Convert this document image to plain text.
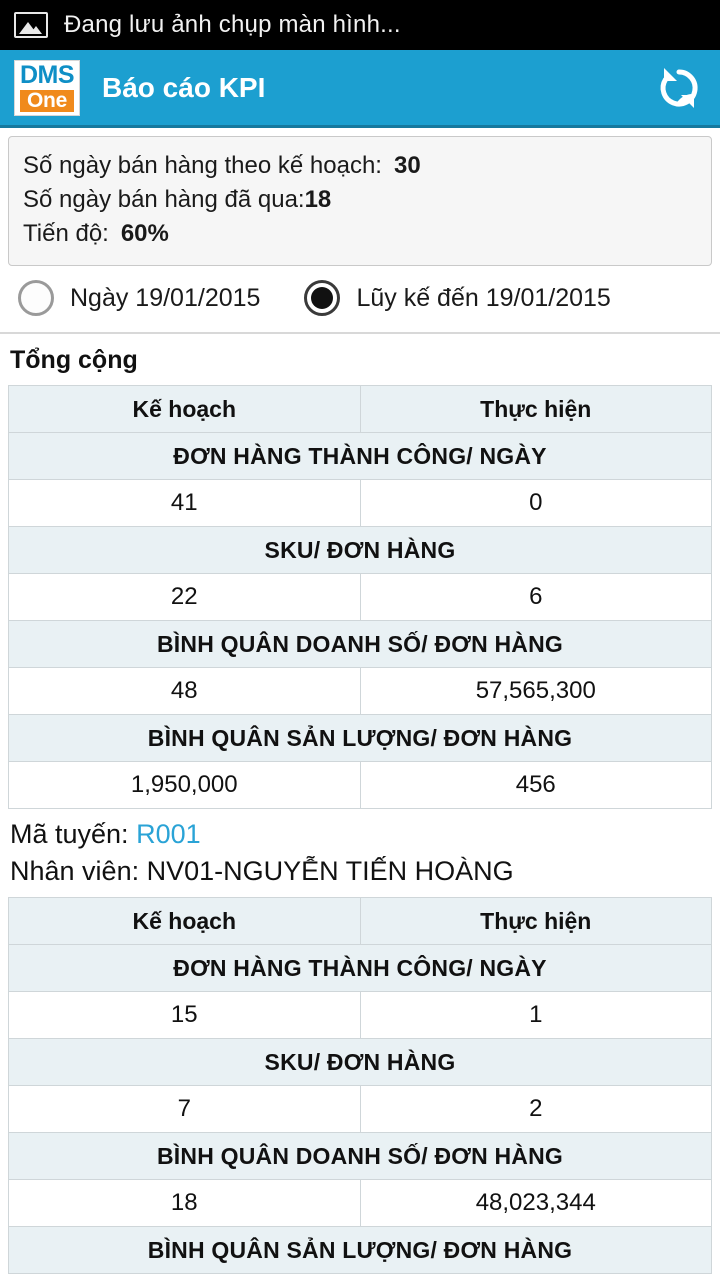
Đang lưu ảnh chụp màn hình...
DMS
One Báo cáo KPI
Số ngày bán hàng theo kế hoạch: 30
Số ngày bán hàng đã qua:18
Tiến độ: 60%
Ngày 19/01/2015	Lũy kế đến 19/01/2015
Tổng cộng
Kế hoạch	Thực hiện
ĐƠN HÀNG THÀNH CÔNG/ NGÀY	
41	0
SKU/ ĐƠN HÀNG	
22	6
BÌNH QUÂN DOANH SỐ/ ĐƠN HÀNG	
48	57,565,300
BÌNH QUÂN SẢN LƯỢNG/ ĐƠN HÀNG	
1,950,000	456
Mã tuyến: R001
Nhân viên: NV01-NGUYỄN TIẾN HOÀNG
Kế hoạch	Thực hiện
ĐƠN HÀNG THÀNH CÔNG/ NGÀY	
15	1
SKU/ ĐƠN HÀNG	
7	2
BÌNH QUÂN DOANH SỐ/ ĐƠN HÀNG	
18	48,023,344
BÌNH QUÂN SẢN LƯỢNG/ ĐƠN HÀNG	
